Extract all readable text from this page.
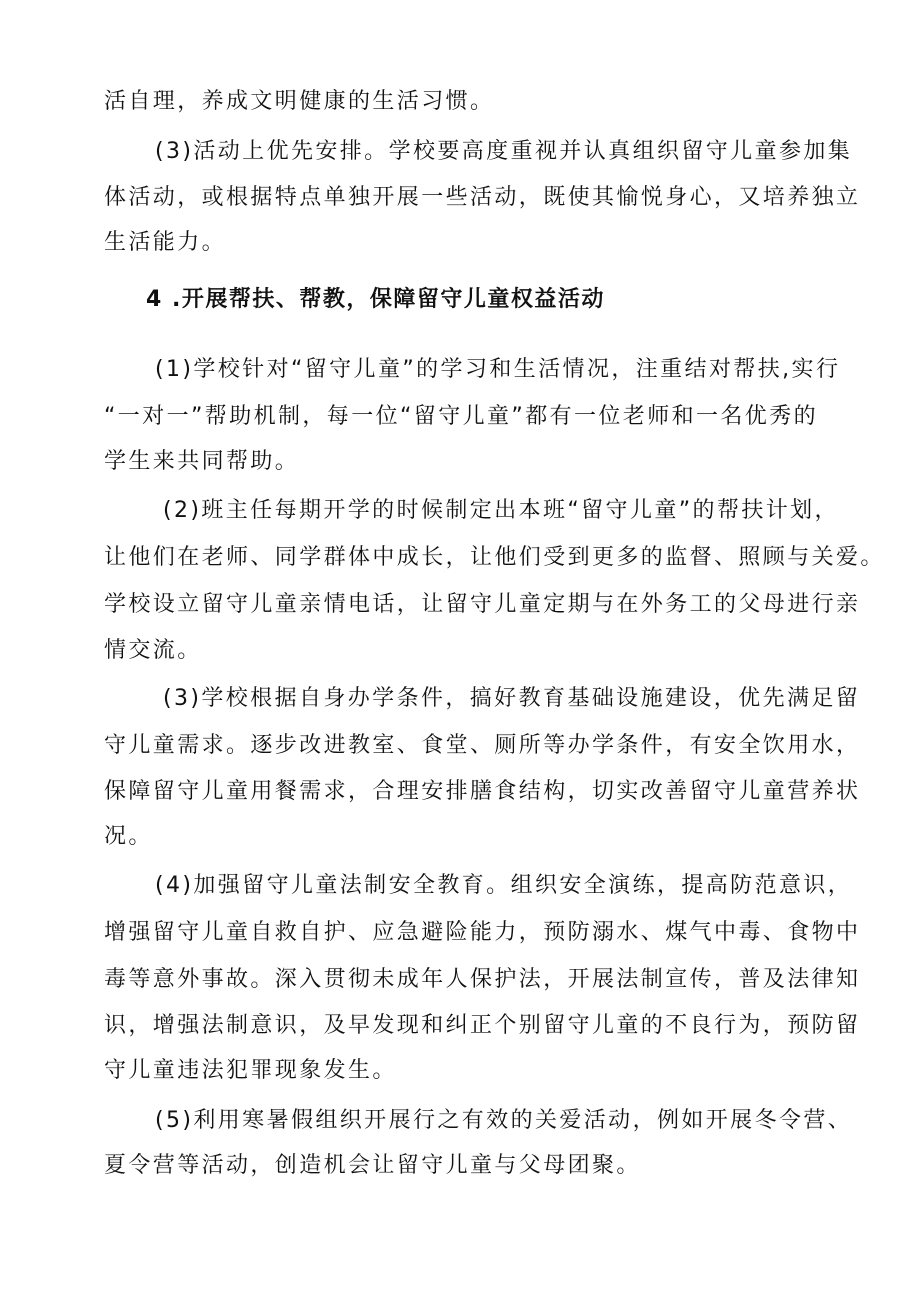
活自理，养成文明健康的生活习惯。
(3)活动上优先安排。学校要高度重视并认真组织留守儿童参加集
体活动，或根据特点单独开展一些活动，既使其愉悦身心，又培养独立
生活能力。
4 .开展帮扶、帮教，保障留守儿童权益活动
(1)学校针对“留守儿童”的学习和生活情况，注重结对帮扶,实行
“一对一”帮助机制，每一位“留守儿童”都有一位老师和一名优秀的
学生来共同帮助。
(2)班主任每期开学的时候制定出本班“留守儿童”的帮扶计划，
让他们在老师、同学群体中成长，让他们受到更多的监督、照顾与关爱。
学校设立留守儿童亲情电话，让留守儿童定期与在外务工的父母进行亲
情交流。
(3)学校根据自身办学条件，搞好教育基础设施建设，优先满足留
守儿童需求。逐步改进教室、食堂、厕所等办学条件，有安全饮用水，
保障留守儿童用餐需求，合理安排膳食结构，切实改善留守儿童营养状
况。
(4)加强留守儿童法制安全教育。组织安全演练，提高防范意识，
增强留守儿童自救自护、应急避险能力，预防溺水、煤气中毒、食物中
毒等意外事故。深入贯彻未成年人保护法，开展法制宣传，普及法律知
识，增强法制意识，及早发现和纠正个别留守儿童的不良行为，预防留
守儿童违法犯罪现象发生。
(5)利用寒暑假组织开展行之有效的关爱活动，例如开展冬令营、
夏令营等活动，创造机会让留守儿童与父母团聚。
